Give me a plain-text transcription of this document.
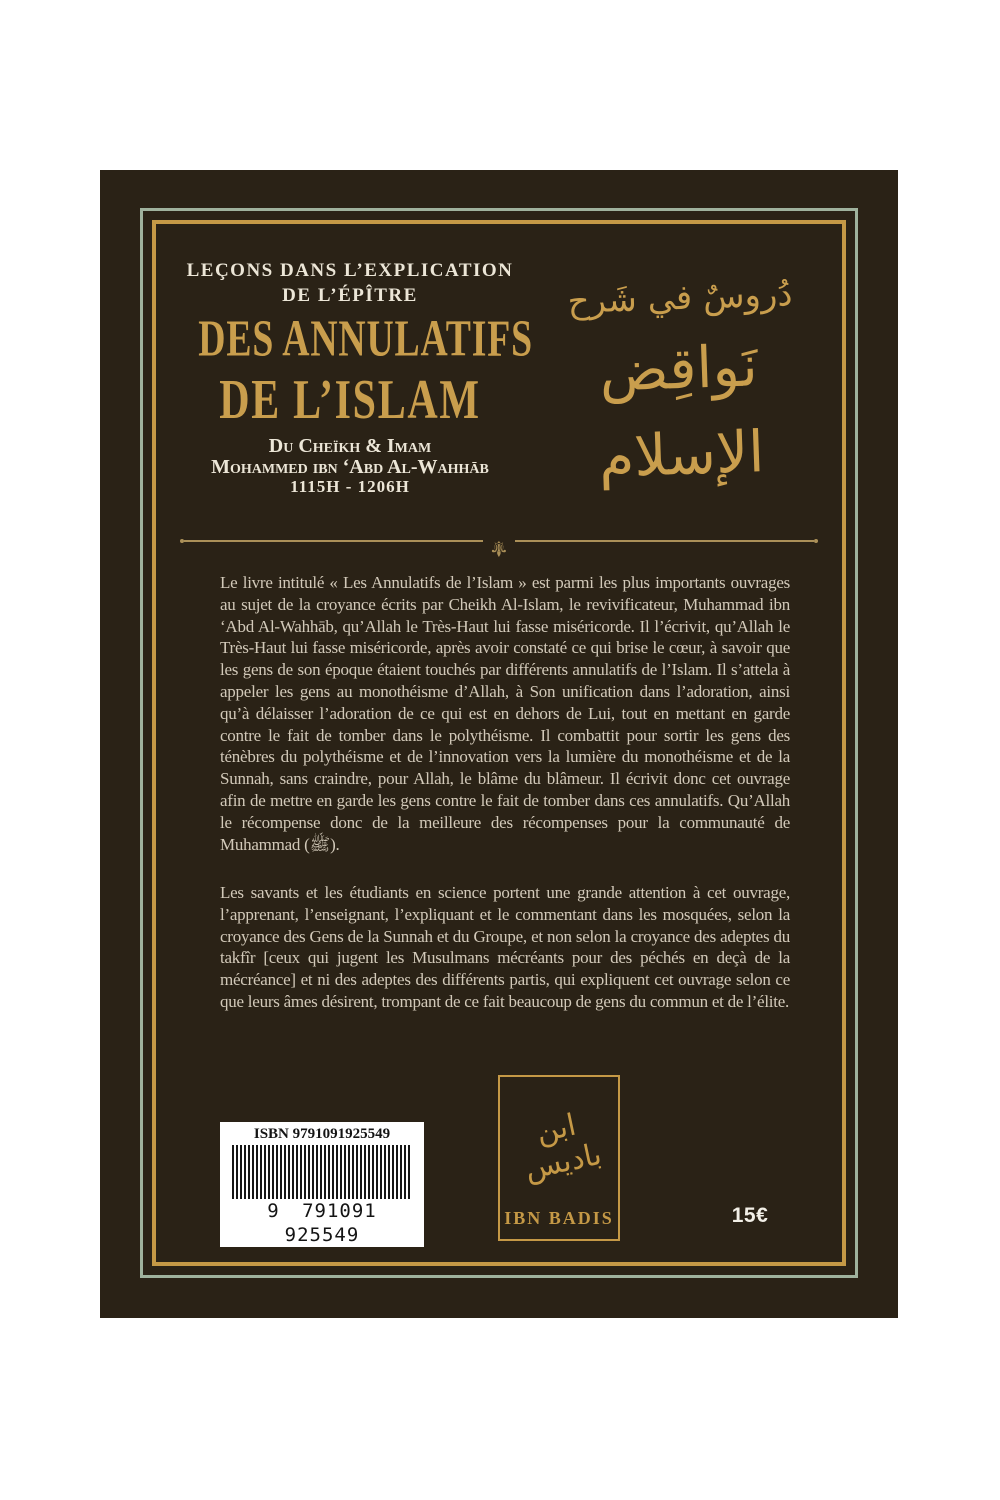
LEÇONS DANS L’EXPLICATION
DE L’ÉPÎTRE
DES ANNULATIFS
DE L’ISLAM
Du Cheïkh & Imam
Mohammed ibn ‘Abd Al-Wahhāb
1115H - 1206H
دُروسٌ في شَرح
نَواقِض الإسلام
⚜

Le livre intitulé « Les Annulatifs de l’Islam » est parmi les plus importants ouvrages au sujet de la croyance écrits par Cheikh Al-Islam, le revivificateur, Muhammad ibn ‘Abd Al-Wahhāb, qu’Allah le Très-Haut lui fasse miséricorde. Il l’écrivit, qu’Allah le Très-Haut lui fasse miséricorde, après avoir constaté ce qui brise le cœur, à savoir que les gens de son époque étaient touchés par différents annulatifs de l’Islam. Il s’attela à appeler les gens au monothéisme d’Allah, à Son unification dans l’adoration, ainsi qu’à délaisser l’adoration de ce qui est en dehors de Lui, tout en mettant en garde contre le fait de tomber dans le polythéisme. Il combattit pour sortir les gens des ténèbres du polythéisme et de l’innovation vers la lumière du monothéisme et de la Sunnah, sans craindre, pour Allah, le blâme du blâmeur. Il écrivit donc cet ouvrage afin de mettre en garde les gens contre le fait de tomber dans ces annulatifs. Qu’Allah le récompense donc de la meilleure des récompenses pour la communauté de Muhammad (ﷺ).

Les savants et les étudiants en science portent une grande attention à cet ouvrage, l’apprenant, l’enseignant, l’expliquant et le commentant dans les mosquées, selon la croyance des Gens de la Sunnah et du Groupe, et non selon la croyance des adeptes du takfîr [ceux qui jugent les Musulmans mécréants pour des péchés en deçà de la mécréance] et ni des adeptes des différents partis, qui expliquent cet ouvrage selon ce que leurs âmes désirent, trompant de ce fait beaucoup de gens du commun et de l’élite.

ISBN 9791091925549
9 791091 925549
ابن باديس
IBN BADIS	15€
